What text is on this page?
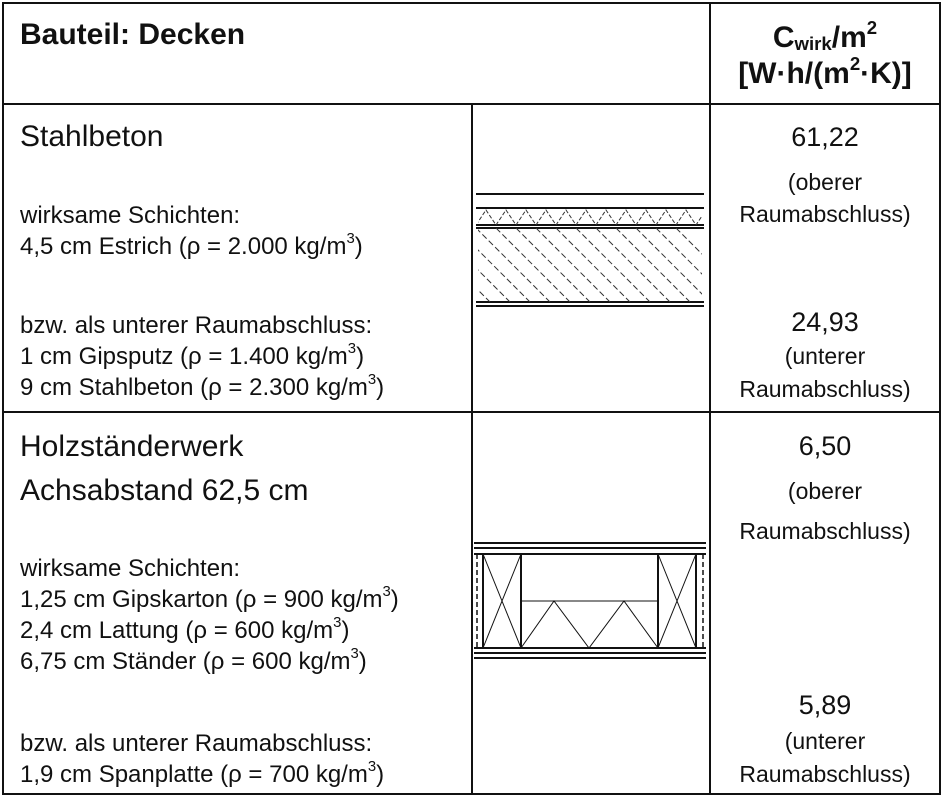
Bauteil: Decken	$C_{wirk}/m^2$
$[W\cdot h/(m^2\cdot K)]$
Stahlbeton
wirksame Schichten:
4,5 cm Estrich (ρ = 2.000 $kg/m^3$)
bzw. als unterer Raumabschluss:
1 cm Gipsputz (ρ = 1.400 $kg/m^3$)
9 cm Stahlbeton (ρ = 2.300 $kg/m^3$)
61,22
(oberer
Raumabschluss)
24,93
(unterer
Raumabschluss)
Holzständerwerk
Achsabstand 62,5 cm
wirksame Schichten:
1,25 cm Gipskarton (ρ = 900 $kg/m^3$)
2,4 cm Lattung (ρ = 600 $kg/m^3$)
6,75 cm Ständer (ρ = 600 $kg/m^3$)
bzw. als unterer Raumabschluss:
1,9 cm Spanplatte (ρ = 700 $kg/m^3$)
6,50
(oberer
Raumabschluss)
5,89
(unterer
Raumabschluss)
